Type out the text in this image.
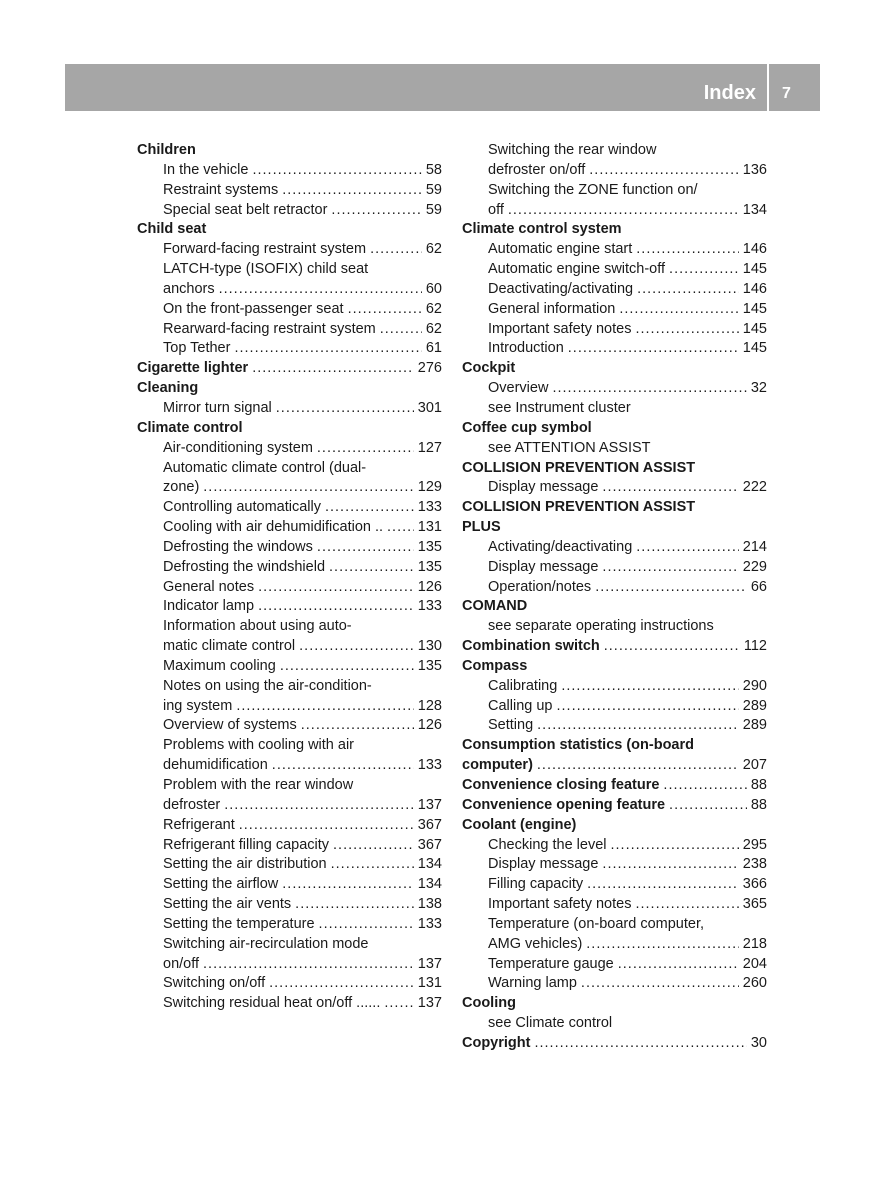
Index 7
Children
In the vehicle .....	58
Restraint systems .....	59
Special seat belt retractor .....	59
Child seat
Forward-facing restraint system .....	62
LATCH-type (ISOFIX) child seat
anchors .....	60
On the front-passenger seat .....	62
Rearward-facing restraint system .....	62
Top Tether .....	61
Cigarette lighter .....	276
Cleaning
Mirror turn signal .....	301
Climate control
Air-conditioning system .....	127
Automatic climate control (dual-
zone) .....	129
Controlling automatically .....	133
Cooling with air dehumidification .. ..... 131
Defrosting the windows .....	135
Defrosting the windshield .....	135
General notes .....	126
Indicator lamp .....	133
Information about using auto-
matic climate control .....	130
Maximum cooling .....	135
Notes on using the air-condition-
ing system .....	128
Overview of systems .....	126
Problems with cooling with air
dehumidification .....	133
Problem with the rear window
defroster .....	137
Refrigerant .....	367
Refrigerant filling capacity .....	367
Setting the air distribution .....	134
Setting the airflow .....	134
Setting the air vents .....	138
Setting the temperature .....	133
Switching air-recirculation mode
on/off .....	137
Switching on/off .....	131
Switching residual heat on/off ...... .....	137
Switching the rear window
defroster on/off .....	136
Switching the ZONE function on/
off .....	134
Climate control system
Automatic engine start .....	146
Automatic engine switch-off .....	145
Deactivating/activating .....	146
General information .....	145
Important safety notes .....	145
Introduction .....	145
Cockpit
Overview .....	32
see Instrument cluster
Coffee cup symbol
see ATTENTION ASSIST
COLLISION PREVENTION ASSIST
Display message .....	222
COLLISION PREVENTION ASSIST
PLUS
Activating/deactivating .....	214
Display message .....	229
Operation/notes .....	66
COMAND
see separate operating instructions
Combination switch .....	112
Compass
Calibrating .....	290
Calling up .....	289
Setting .....	289
Consumption statistics (on-board
computer) .....	207
Convenience closing feature .....	88
Convenience opening feature .....	88
Coolant (engine)
Checking the level .....	295
Display message .....	238
Filling capacity .....	366
Important safety notes .....	365
Temperature (on-board computer,
AMG vehicles) .....	218
Temperature gauge .....	204
Warning lamp .....	260
Cooling
see Climate control
Copyright .....	30
